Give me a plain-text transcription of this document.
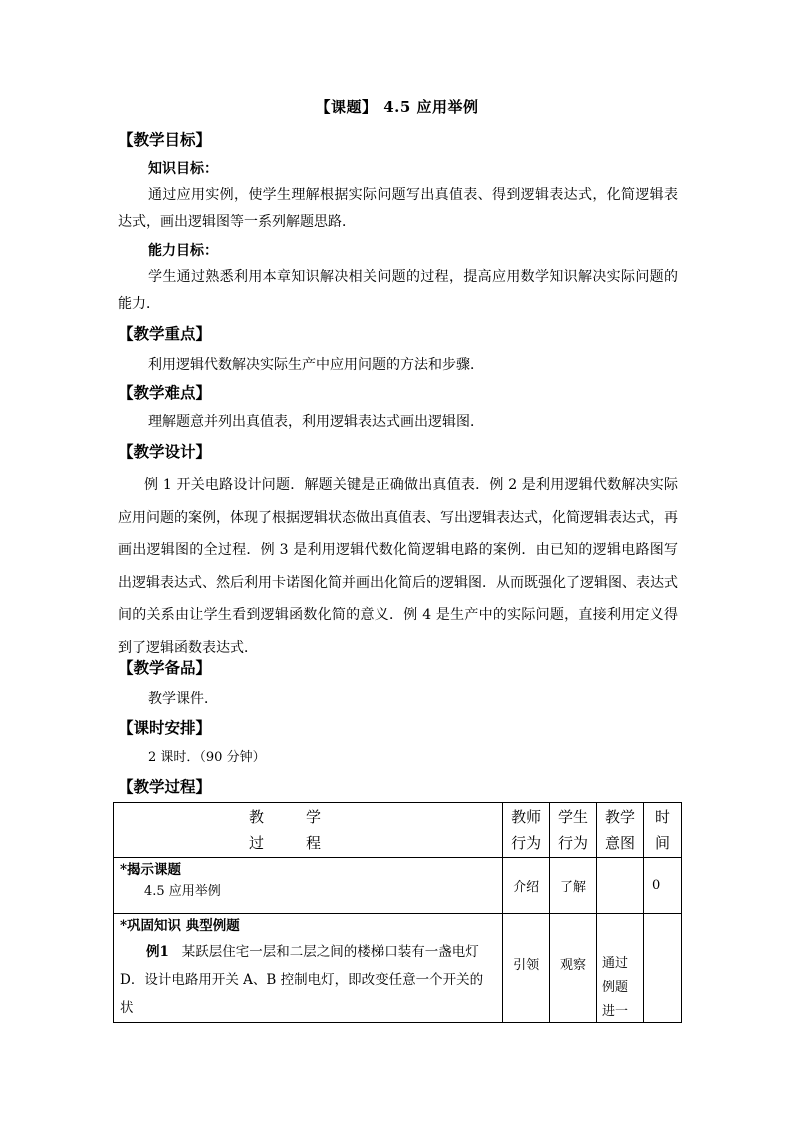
【课题】 4.5 应用举例
【教学目标】
知识目标：
通过应用实例，使学生理解根据实际问题写出真值表、得到逻辑表达式，化简逻辑表达式，画出逻辑图等一系列解题思路．
能力目标：
学生通过熟悉利用本章知识解决相关问题的过程，提高应用数学知识解决实际问题的能力．
【教学重点】
利用逻辑代数解决实际生产中应用问题的方法和步骤．
【教学难点】
理解题意并列出真值表，利用逻辑表达式画出逻辑图．
【教学设计】
例 1 开关电路设计问题．解题关键是正确做出真值表．例 2 是利用逻辑代数解决实际应用问题的案例，体现了根据逻辑状态做出真值表、写出逻辑表达式，化简逻辑表达式，再画出逻辑图的全过程．例 3 是利用逻辑代数化简逻辑电路的案例．由已知的逻辑电路图写出逻辑表达式、然后利用卡诺图化简并画出化简后的逻辑图．从而既强化了逻辑图、表达式间的关系由让学生看到逻辑函数化简的意义．例 4 是生产中的实际问题，直接利用定义得到了逻辑函数表达式．
【教学备品】
教学课件．
【课时安排】
2 课时．（90 分钟）
【教学过程】
教 学
过 程	教师行为	学生行为	教学意图	时间

*揭示课题
4.5 应用举例	介绍	了解		0

*巩固知识 典型例题
例1 某跃层住宅一层和二层之间的楼梯口装有一盏电灯 D．设计电路用开关 A、B 控制电灯，即改变任意一个开关的状	引领	观察	通过例题进一	
